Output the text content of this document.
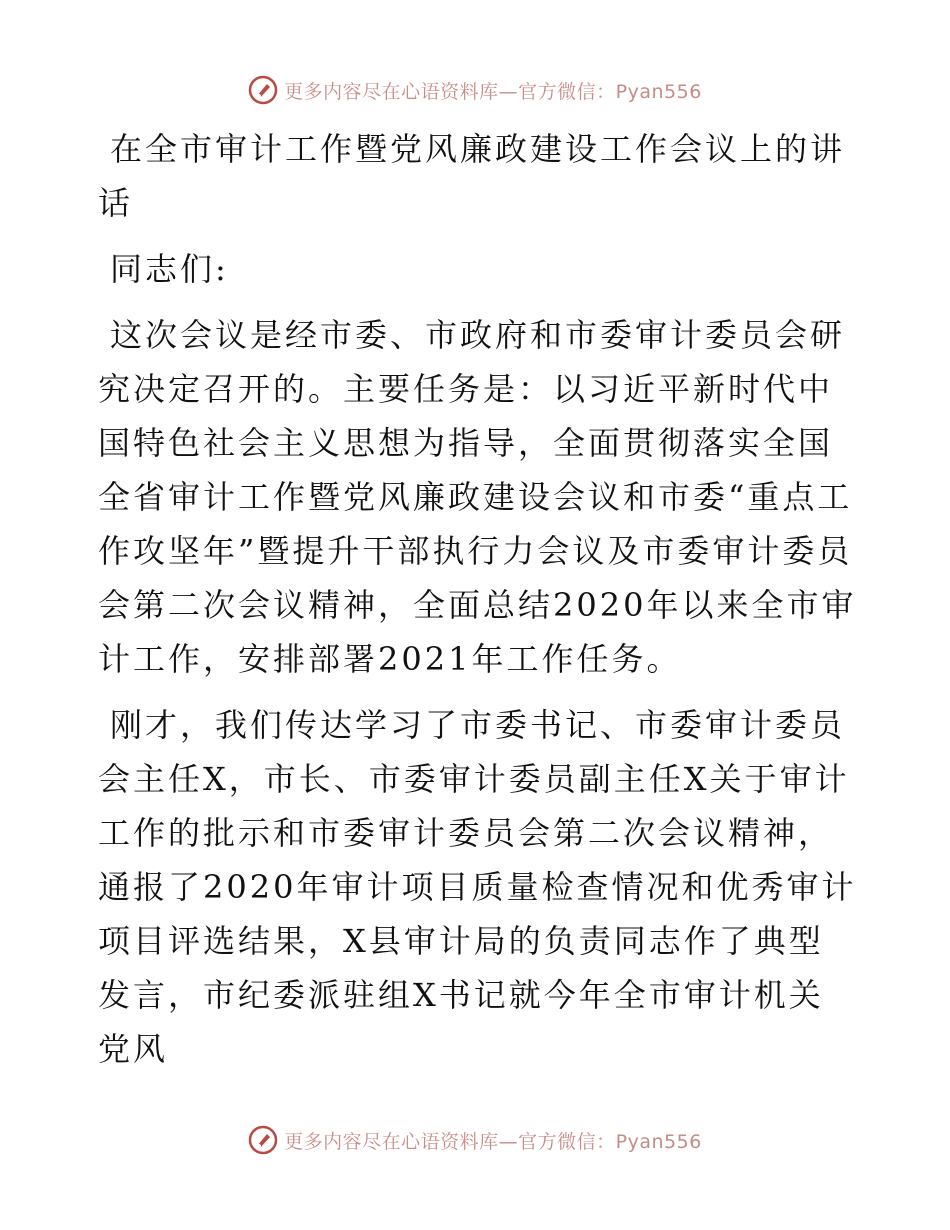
更多内容尽在心语资料库—官方微信：Pyan556

在全市审计工作暨党风廉政建设工作会议上的讲话

同志们:

这次会议是经市委、市政府和市委审计委员会研究决定召开的。主要任务是：以习近平新时代中国特色社会主义思想为指导，全面贯彻落实全国全省审计工作暨党风廉政建设会议和市委“重点工作攻坚年”暨提升干部执行力会议及市委审计委员会第二次会议精神，全面总结2020年以来全市审计工作，安排部署2021年工作任务。

刚才，我们传达学习了市委书记、市委审计委员会主任X，市长、市委审计委员副主任X关于审计工作的批示和市委审计委员会第二次会议精神，通报了2020年审计项目质量检查情况和优秀审计项目评选结果，X县审计局的负责同志作了典型发言，市纪委派驻组X书记就今年全市审计机关党风

更多内容尽在心语资料库—官方微信：Pyan556
